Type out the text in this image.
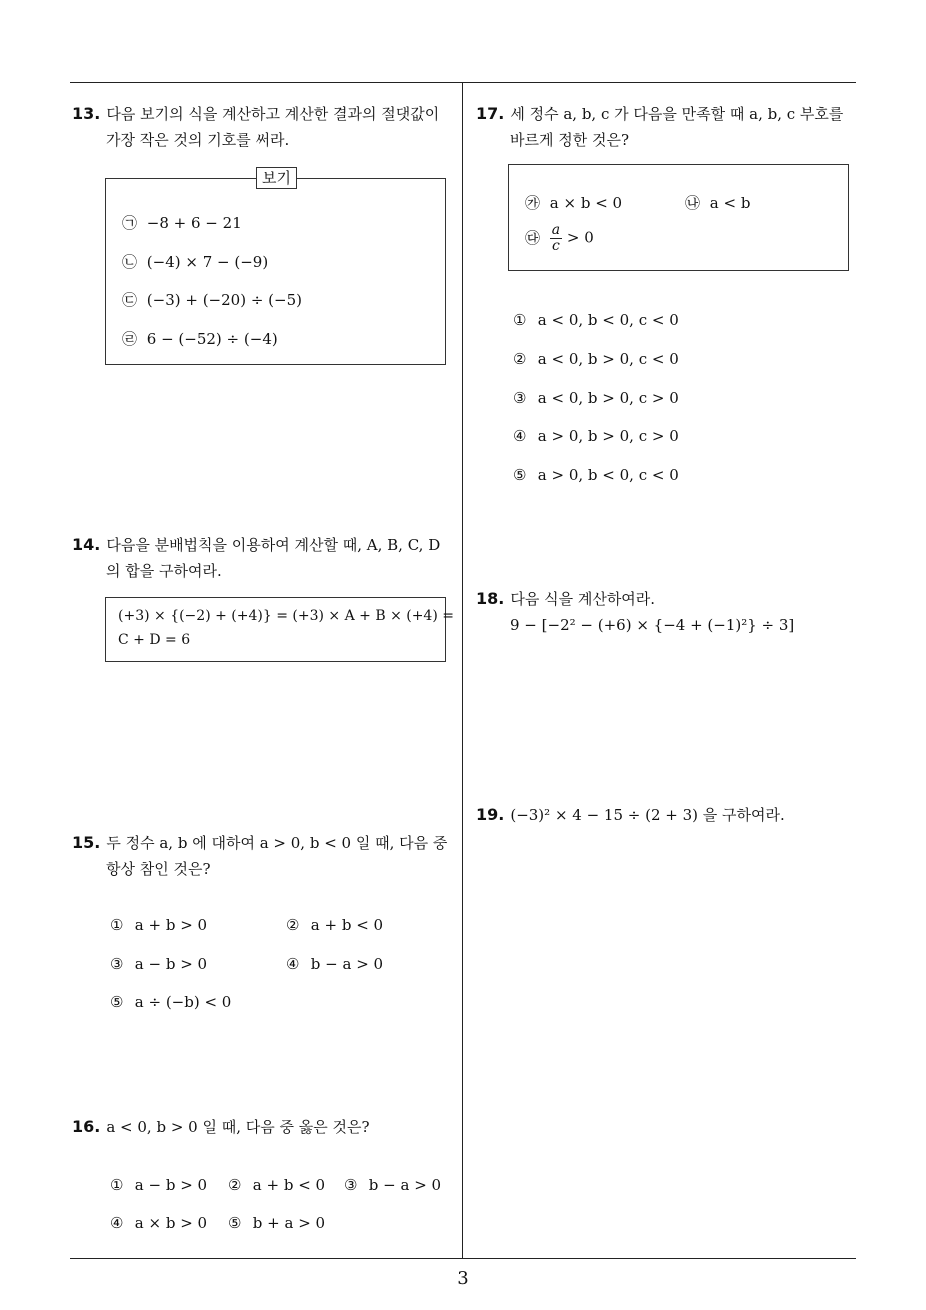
13. 다음 보기의 식을 계산하고 계산한 결과의 절댓값이
가장 작은 것의 기호를 써라.
보기
㉠ −8 + 6 − 21
㉡ (−4) × 7 − (−9)
㉢ (−3) + (−20) ÷ (−5)
㉣ 6 − (−52) ÷ (−4)
14. 다음을 분배법칙을 이용하여 계산할 때, A, B, C, D
의 합을 구하여라.
(+3) × {(−2) + (+4)} = (+3) × A + B × (+4) =
C + D = 6
15. 두 정수 a, b 에 대하여 a > 0, b < 0 일 때, 다음 중
항상 참인 것은?
① a + b > 0	② a + b < 0
③ a − b > 0	④ b − a > 0
⑤ a ÷ (−b) < 0
16. a < 0, b > 0 일 때, 다음 중 옳은 것은?
① a − b > 0 ② a + b < 0 ③ b − a > 0
④ a × b > 0 ⑤ b + a > 0
17. 세 정수 a, b, c 가 다음을 만족할 때 a, b, c 부호를
바르게 정한 것은?
㉮ a × b < 0	㉯ a < b
㉰ $\frac{a}{c} > 0$
① a < 0, b < 0, c < 0
② a < 0, b > 0, c < 0
③ a < 0, b > 0, c > 0
④ a > 0, b > 0, c > 0
⑤ a > 0, b < 0, c < 0
18. 다음 식을 계산하여라.
9 − [−2² − (+6) × {−4 + (−1)²} ÷ 3]
19. (−3)² × 4 − 15 ÷ (2 + 3) 을 구하여라.
3
